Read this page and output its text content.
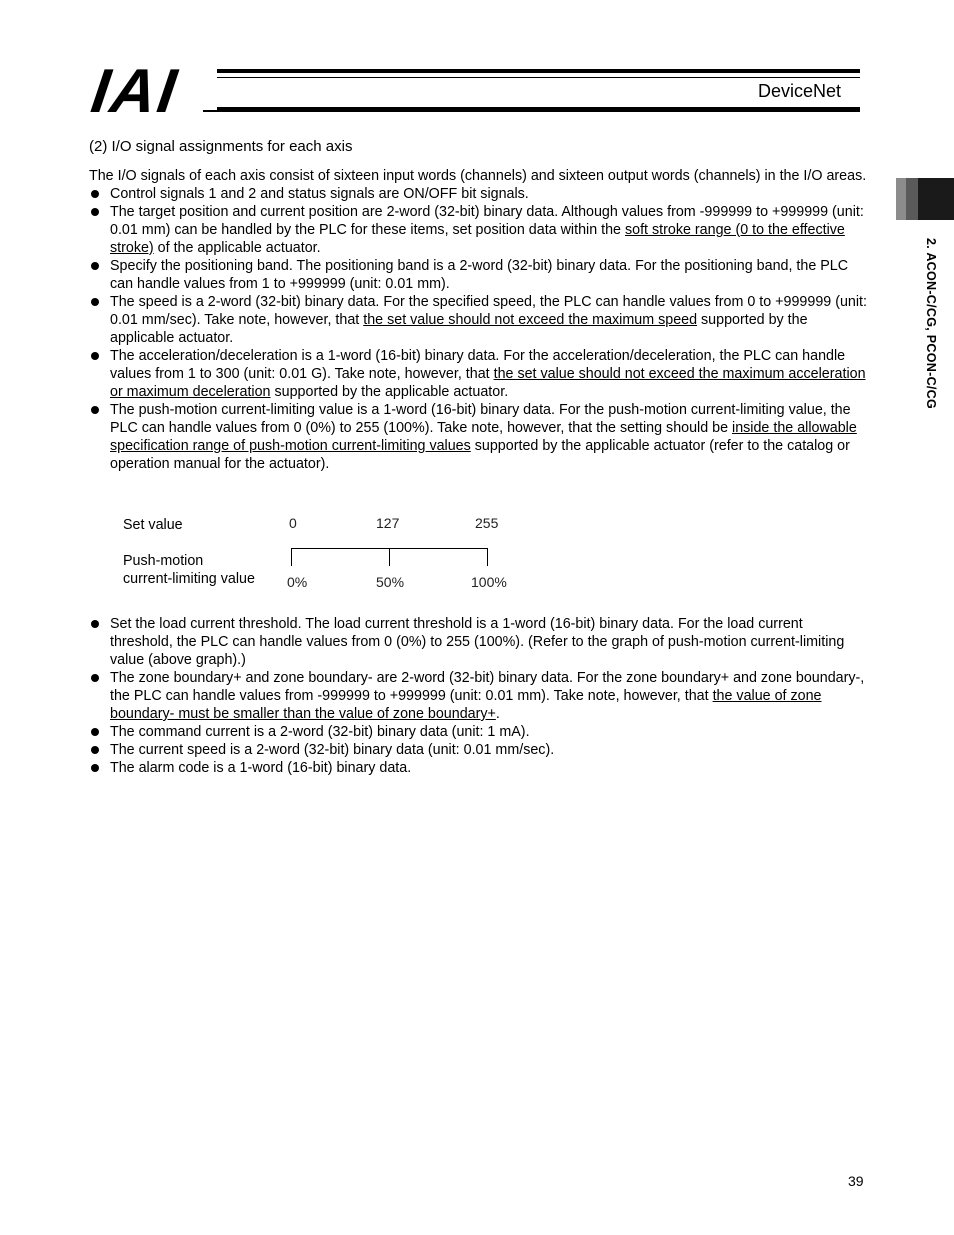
IAI	DeviceNet
2. ACON-C/CG, PCON-C/CG
(2) I/O signal assignments for each axis

The I/O signals of each axis consist of sixteen input words (channels) and sixteen output words (channels) in the I/O areas.

Control signals 1 and 2 and status signals are ON/OFF bit signals.
The target position and current position are 2-word (32-bit) binary data. Although values from -999999 to +999999 (unit: 0.01 mm) can be handled by the PLC for these items, set position data within the soft stroke range (0 to the effective stroke) of the applicable actuator.
Specify the positioning band. The positioning band is a 2-word (32-bit) binary data. For the positioning band, the PLC can handle values from 1 to +999999 (unit: 0.01 mm).
The speed is a 2-word (32-bit) binary data. For the specified speed, the PLC can handle values from 0 to +999999 (unit: 0.01 mm/sec). Take note, however, that the set value should not exceed the maximum speed supported by the applicable actuator.
The acceleration/deceleration is a 1-word (16-bit) binary data. For the acceleration/deceleration, the PLC can handle values from 1 to 300 (unit: 0.01 G). Take note, however, that the set value should not exceed the maximum acceleration or maximum deceleration supported by the applicable actuator.
The push-motion current-limiting value is a 1-word (16-bit) binary data. For the push-motion current-limiting value, the PLC can handle values from 0 (0%) to 255 (100%). Take note, however, that the setting should be inside the allowable specification range of push-motion current-limiting values supported by the applicable actuator (refer to the catalog or operation manual for the actuator).
Set value
Push-motion
current-limiting value
0	127	255
0%	50%	100%
Set the load current threshold. The load current threshold is a 1-word (16-bit) binary data. For the load current threshold, the PLC can handle values from 0 (0%) to 255 (100%). (Refer to the graph of push-motion current-limiting value (above graph).)
The zone boundary+ and zone boundary- are 2-word (32-bit) binary data. For the zone boundary+ and zone boundary-, the PLC can handle values from -999999 to +999999 (unit: 0.01 mm). Take note, however, that the value of zone boundary- must be smaller than the value of zone boundary+.
The command current is a 2-word (32-bit) binary data (unit: 1 mA).
The current speed is a 2-word (32-bit) binary data (unit: 0.01 mm/sec).
The alarm code is a 1-word (16-bit) binary data.
39
